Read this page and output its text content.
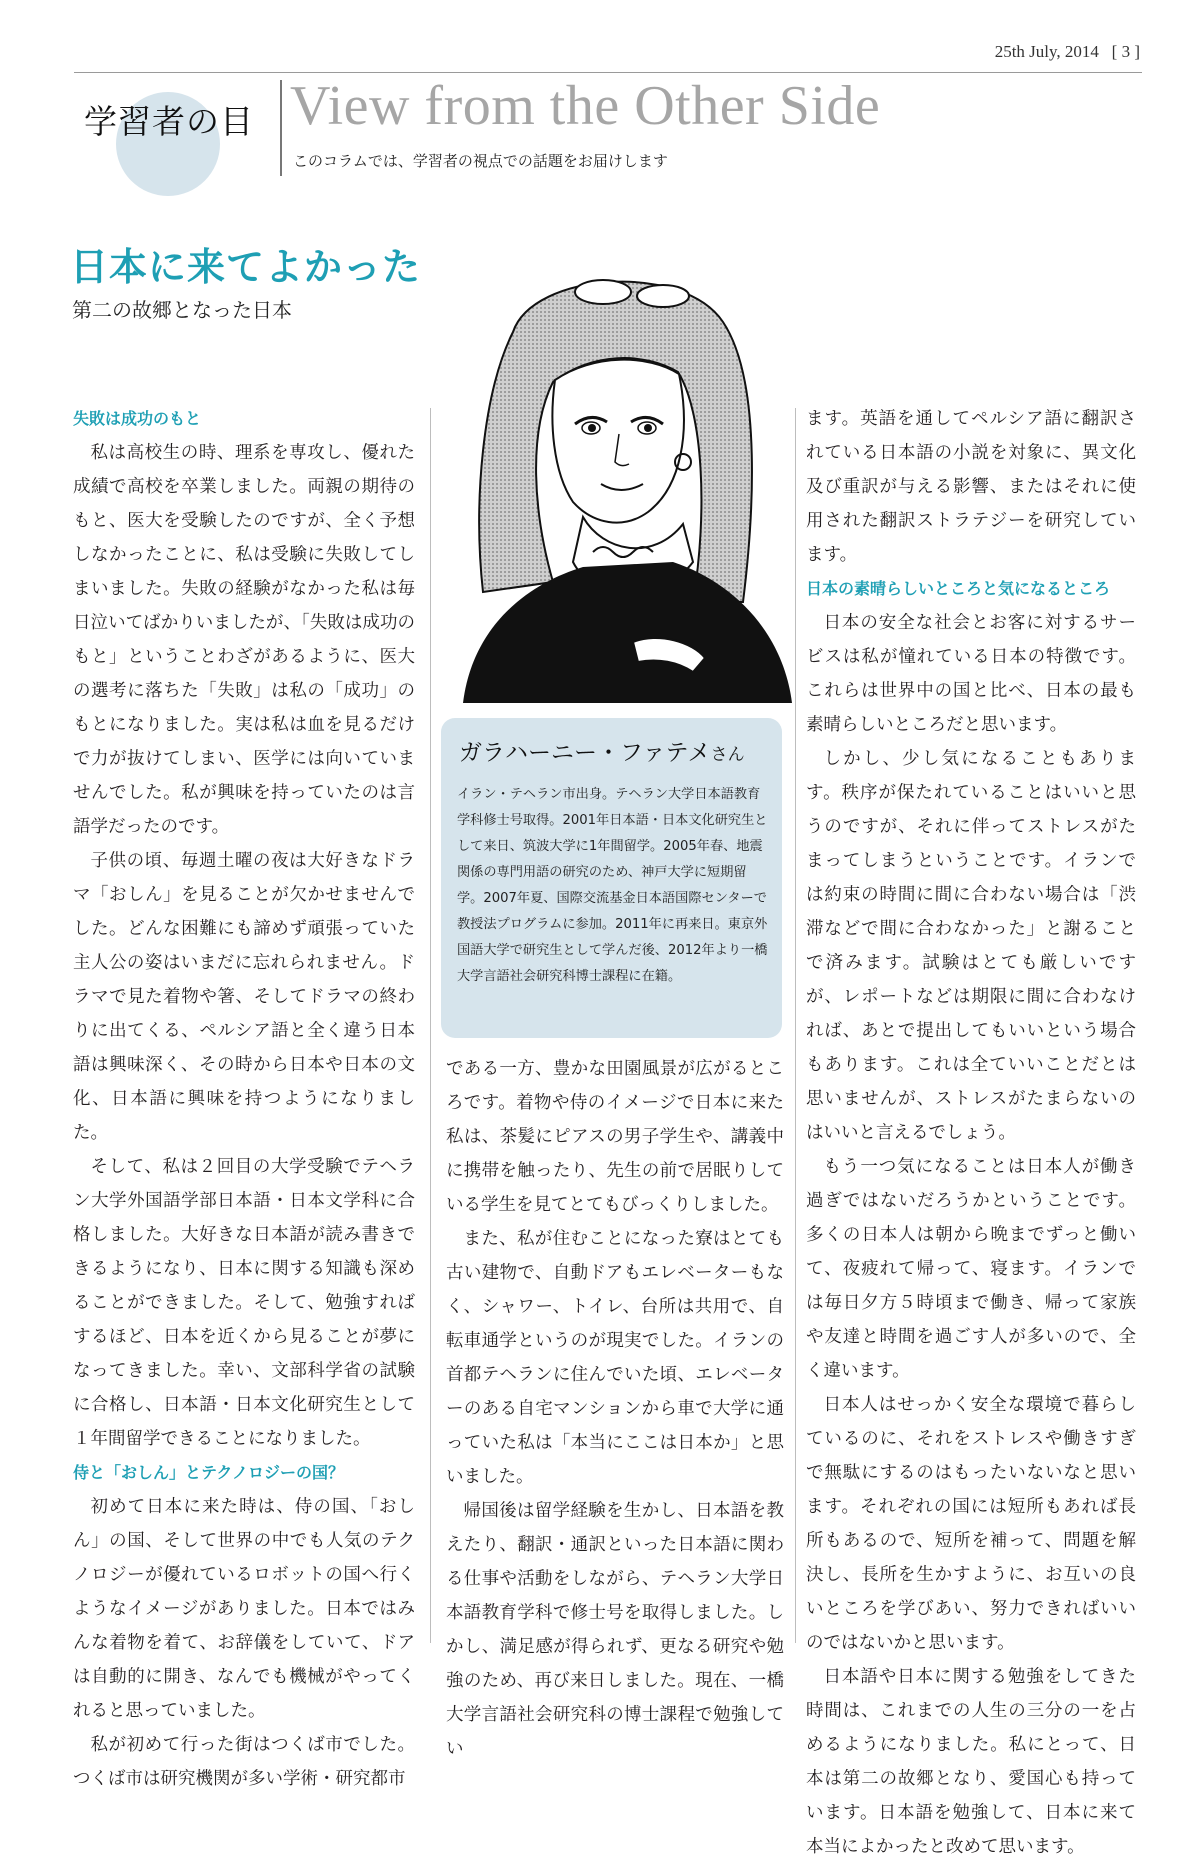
25th July, 2014 [ 3 ]
学習者の目 View from the Other Side
このコラムでは、学習者の視点での話題をお届けします
日本に来てよかった
第二の故郷となった日本
失敗は成功のもと

私は高校生の時、理系を専攻し、優れた成績で高校を卒業しました。両親の期待のもと、医大を受験したのですが、全く予想しなかったことに、私は受験に失敗してしまいました。失敗の経験がなかった私は毎日泣いてばかりいましたが、「失敗は成功のもと」ということわざがあるように、医大の選考に落ちた「失敗」は私の「成功」のもとになりました。実は私は血を見るだけで力が抜けてしまい、医学には向いていませんでした。私が興味を持っていたのは言語学だったのです。

子供の頃、毎週土曜の夜は大好きなドラマ「おしん」を見ることが欠かせませんでした。どんな困難にも諦めず頑張っていた主人公の姿はいまだに忘れられません。ドラマで見た着物や箸、そしてドラマの終わりに出てくる、ペルシア語と全く違う日本語は興味深く、その時から日本や日本の文化、日本語に興味を持つようになりました。

そして、私は２回目の大学受験でテヘラン大学外国語学部日本語・日本文学科に合格しました。大好きな日本語が読み書きできるようになり、日本に関する知識も深めることができました。そして、勉強すればするほど、日本を近くから見ることが夢になってきました。幸い、文部科学省の試験に合格し、日本語・日本文化研究生として１年間留学できることになりました。

侍と「おしん」とテクノロジーの国？

初めて日本に来た時は、侍の国、「おしん」の国、そして世界の中でも人気のテクノロジーが優れているロボットの国へ行くようなイメージがありました。日本ではみんな着物を着て、お辞儀をしていて、ドアは自動的に開き、なんでも機械がやってくれると思っていました。

私が初めて行った街はつくば市でした。つくば市は研究機関が多い学術・研究都市

ガラハーニー・ファテメさん
イラン・テヘラン市出身。テヘラン大学日本語教育学科修士号取得。2001年日本語・日本文化研究生として来日、筑波大学に1年間留学。2005年春、地震関係の専門用語の研究のため、神戸大学に短期留学。2007年夏、国際交流基金日本語国際センターで教授法プログラムに参加。2011年に再来日。東京外国語大学で研究生として学んだ後、2012年より一橋大学言語社会研究科博士課程に在籍。

である一方、豊かな田園風景が広がるところです。着物や侍のイメージで日本に来た私は、茶髪にピアスの男子学生や、講義中に携帯を触ったり、先生の前で居眠りしている学生を見てとてもびっくりしました。

また、私が住むことになった寮はとても古い建物で、自動ドアもエレベーターもなく、シャワー、トイレ、台所は共用で、自転車通学というのが現実でした。イランの首都テヘランに住んでいた頃、エレベーターのある自宅マンションから車で大学に通っていた私は「本当にここは日本か」と思いました。

帰国後は留学経験を生かし、日本語を教えたり、翻訳・通訳といった日本語に関わる仕事や活動をしながら、テヘラン大学日本語教育学科で修士号を取得しました。しかし、満足感が得られず、更なる研究や勉強のため、再び来日しました。現在、一橋大学言語社会研究科の博士課程で勉強してい

ます。英語を通してペルシア語に翻訳されている日本語の小説を対象に、異文化及び重訳が与える影響、またはそれに使用された翻訳ストラテジーを研究しています。

日本の素晴らしいところと気になるところ

日本の安全な社会とお客に対するサービスは私が憧れている日本の特徴です。これらは世界中の国と比べ、日本の最も素晴らしいところだと思います。

しかし、少し気になることもあります。秩序が保たれていることはいいと思うのですが、それに伴ってストレスがたまってしまうということです。イランでは約束の時間に間に合わない場合は「渋滞などで間に合わなかった」と謝ることで済みます。試験はとても厳しいですが、レポートなどは期限に間に合わなければ、あとで提出してもいいという場合もあります。これは全ていいことだとは思いませんが、ストレスがたまらないのはいいと言えるでしょう。

もう一つ気になることは日本人が働き過ぎではないだろうかということです。多くの日本人は朝から晩までずっと働いて、夜疲れて帰って、寝ます。イランでは毎日夕方５時頃まで働き、帰って家族や友達と時間を過ごす人が多いので、全く違います。

日本人はせっかく安全な環境で暮らしているのに、それをストレスや働きすぎで無駄にするのはもったいないなと思います。それぞれの国には短所もあれば長所もあるので、短所を補って、問題を解決し、長所を生かすように、お互いの良いところを学びあい、努力できればいいのではないかと思います。

日本語や日本に関する勉強をしてきた時間は、これまでの人生の三分の一を占めるようになりました。私にとって、日本は第二の故郷となり、愛国心も持っています。日本語を勉強して、日本に来て本当によかったと改めて思います。
